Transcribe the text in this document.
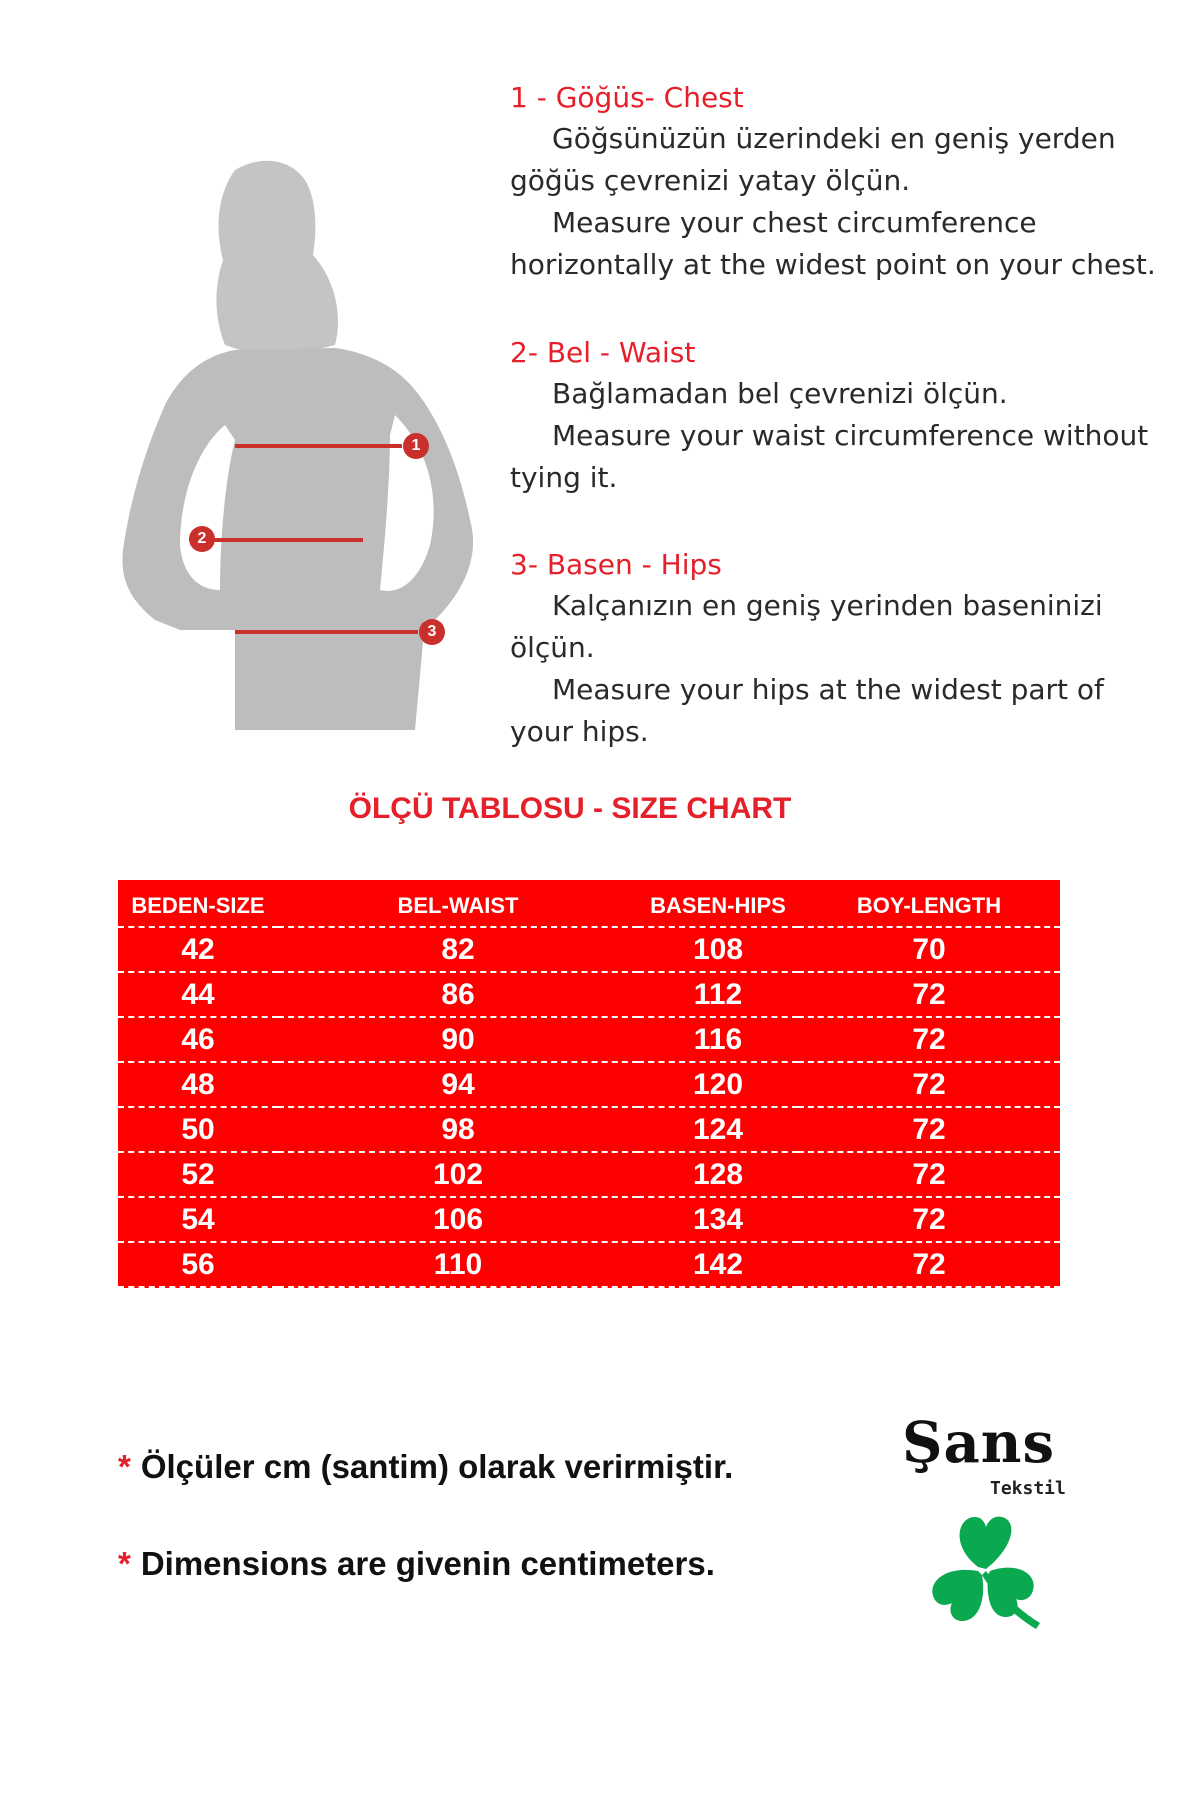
1
2
3

1 - Göğüs- Chest

Göğsünüzün üzerindeki en geniş yerden göğüs çevrenizi yatay ölçün.

Measure your chest circumference horizontally at the widest point on your chest.

2- Bel - Waist

Bağlamadan bel çevrenizi ölçün.

Measure your waist circumference without tying it.

3- Basen - Hips

Kalçanızın en geniş yerinden baseninizi ölçün.

Measure your hips at the widest part of your hips.

ÖLÇÜ TABLOSU - SIZE CHART

BEDEN-SIZE	BEL-WAIST	BASEN-HIPS	BOY-LENGTH
42	82	108	70
44	86	112	72
46	90	116	72
48	94	120	72
50	98	124	72
52	102	128	72
54	106	134	72
56	110	142	72

* Ölçüler cm (santim) olarak verirmiştir.

* Dimensions are givenin centimeters.

Şans
Tekstil
